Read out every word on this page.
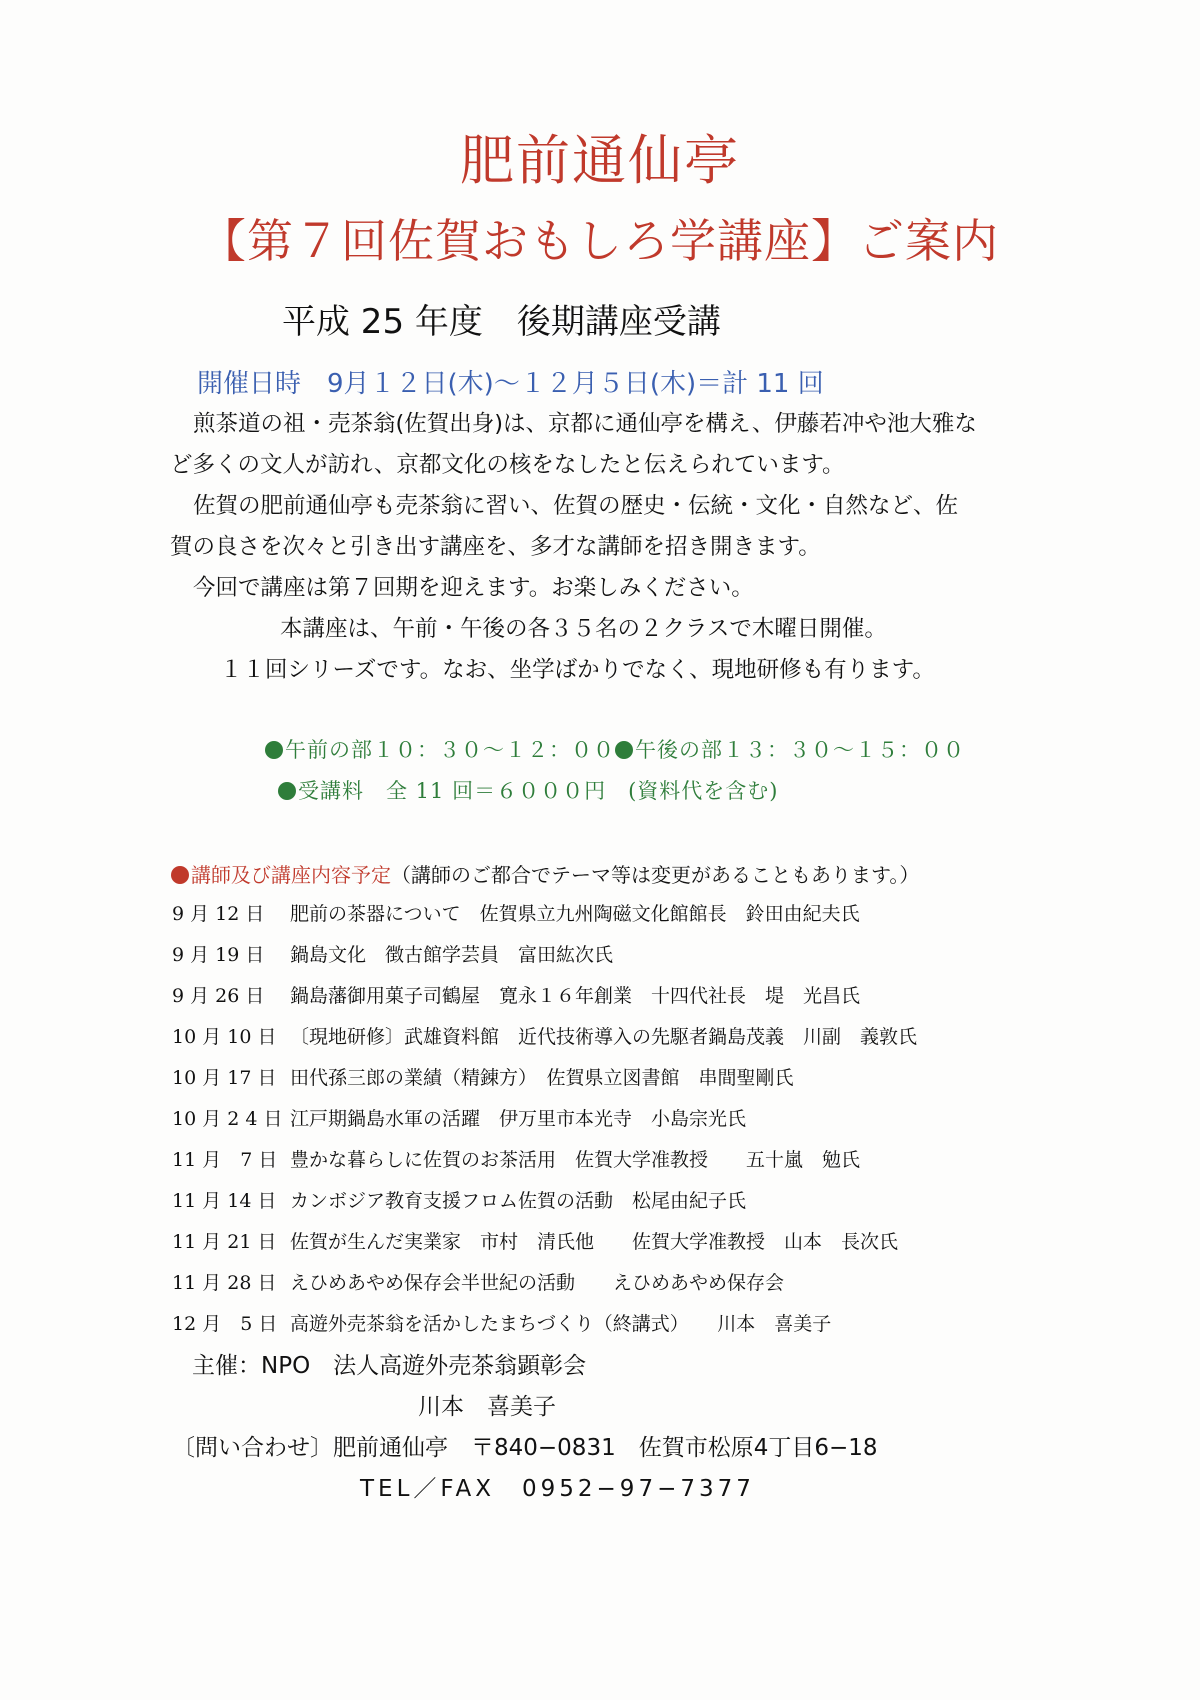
肥前通仙亭
【第７回佐賀おもしろ学講座】ご案内
平成 25 年度　後期講座受講
開催日時　9月１２日(木)～１２月５日(木)＝計 11 回
煎茶道の祖・売茶翁(佐賀出身)は、京都に通仙亭を構え、伊藤若冲や池大雅な
ど多くの文人が訪れ、京都文化の核をなしたと伝えられています。
佐賀の肥前通仙亭も売茶翁に習い、佐賀の歴史・伝統・文化・自然など、佐
賀の良さを次々と引き出す講座を、多才な講師を招き開きます。
今回で講座は第７回期を迎えます。お楽しみください。
本講座は、午前・午後の各３５名の２クラスで木曜日開催。
１１回シリーズです。なお、坐学ばかりでなく、現地研修も有ります。
午前の部１０：３０～１２：００ 午後の部１３：３０～１５：００
受講料　全 11 回＝６０００円　(資料代を含む)
講師及び講座内容予定（講師のご都合でテーマ等は変更があることもあります。）
9 月 12 日 肥前の茶器について　佐賀県立九州陶磁文化館館長　鈴田由紀夫氏
9 月 19 日 鍋島文化　徴古館学芸員　富田紘次氏
9 月 26 日 鍋島藩御用菓子司鶴屋　寛永１６年創業　十四代社長　堤　光昌氏
10 月 10 日 〔現地研修〕武雄資料館　近代技術導入の先駆者鍋島茂義　川副　義敦氏
10 月 17 日 田代孫三郎の業績（精錬方）　佐賀県立図書館　串間聖剛氏
10 月 2 4 日 江戸期鍋島水軍の活躍　伊万里市本光寺　小島宗光氏
11 月　7 日 豊かな暮らしに佐賀のお茶活用　佐賀大学准教授　　五十嵐　勉氏
11 月 14 日 カンボジア教育支援フロム佐賀の活動　松尾由紀子氏
11 月 21 日 佐賀が生んだ実業家　市村　清氏他　　佐賀大学准教授　山本　長次氏
11 月 28 日 えひめあやめ保存会半世紀の活動　　えひめあやめ保存会
12 月　5 日 高遊外売茶翁を活かしたまちづくり（終講式）　　川本　喜美子
主催：NPO　法人高遊外売茶翁顕彰会
川本　喜美子
〔問い合わせ〕肥前通仙亭　〒840−0831　佐賀市松原4丁目6−18
TEL／FAX　0952−97−7377
